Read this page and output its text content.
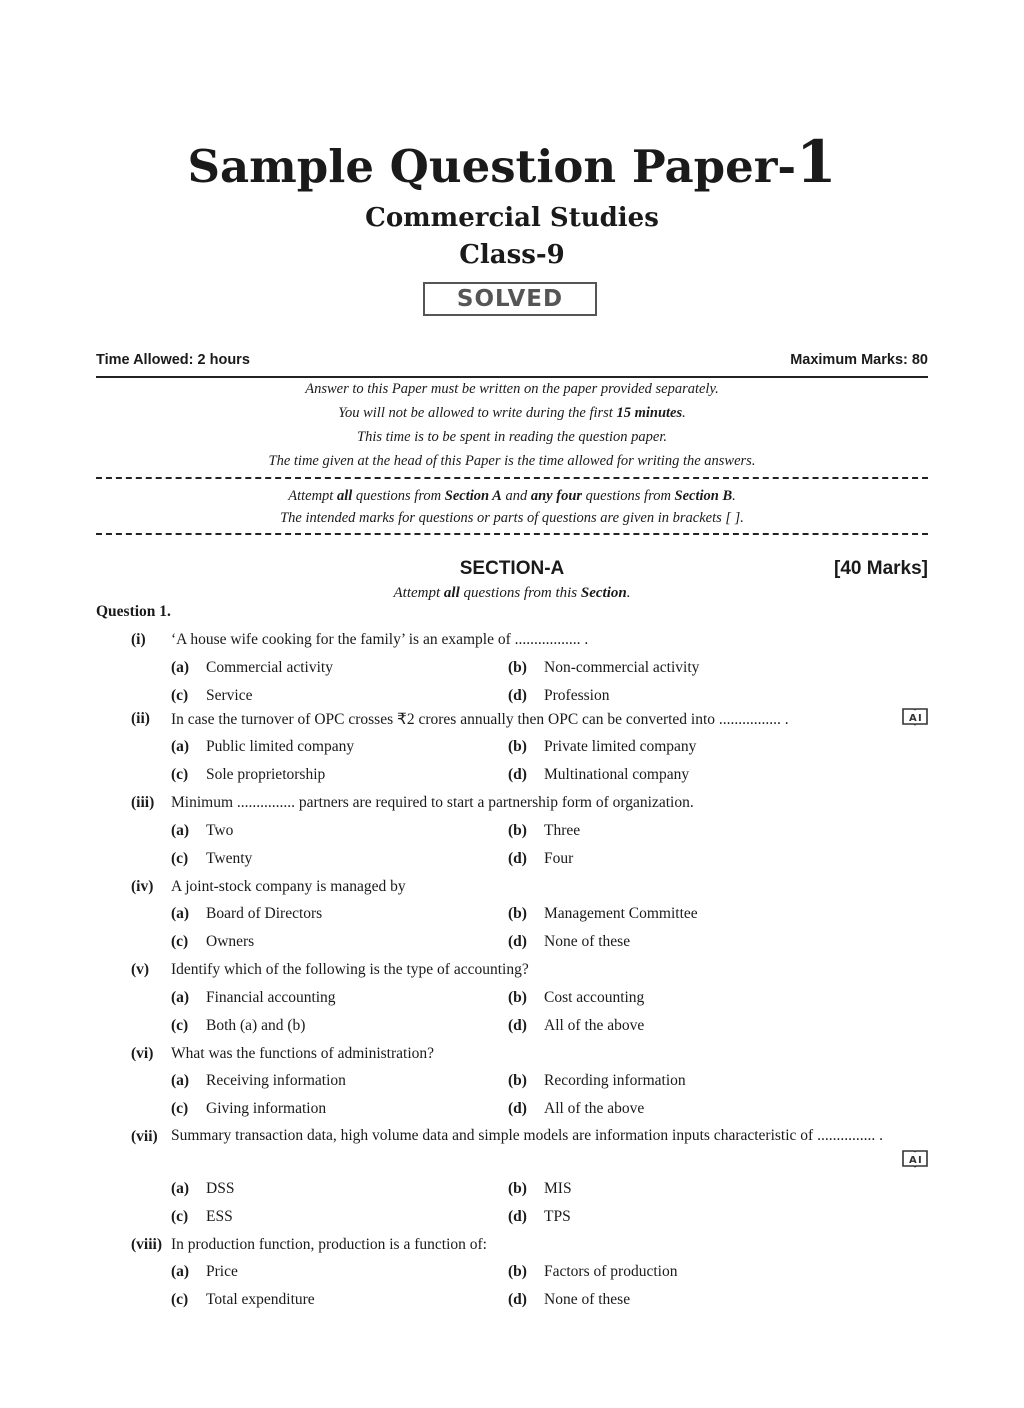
Sample Question Paper-1
Commercial Studies
Class-9
SOLVED
Time Allowed: 2 hours	Maximum Marks: 80
Answer to this Paper must be written on the paper provided separately.
You will not be allowed to write during the first 15 minutes.
This time is to be spent in reading the question paper.
The time given at the head of this Paper is the time allowed for writing the answers.
Attempt all questions from Section A and any four questions from Section B.
The intended marks for questions or parts of questions are given in brackets [ ].
SECTION-A	[40 Marks]
Attempt all questions from this Section.
Question 1.
(i) ‘A house wife cooking for the family’ is an example of ................. .
(a) Commercial activity	(b) Non-commercial activity
(c) Service	(d) Profession
(ii) In case the turnover of OPC crosses ₹2 crores annually then OPC can be converted into ................ .
(a) Public limited company	(b) Private limited company
(c) Sole proprietorship	(d) Multinational company
(iii) Minimum ............... partners are required to start a partnership form of organization.
(a) Two	(b) Three
(c) Twenty	(d) Four
(iv) A joint-stock company is managed by
(a) Board of Directors	(b) Management Committee
(c) Owners	(d) None of these
(v) Identify which of the following is the type of accounting?
(a) Financial accounting	(b) Cost accounting
(c) Both (a) and (b)	(d) All of the above
(vi) What was the functions of administration?
(a) Receiving information	(b) Recording information
(c) Giving information	(d) All of the above
(vii) Summary transaction data, high volume data and simple models are information inputs characteristic of ............... .
(a) DSS	(b) MIS
(c) ESS	(d) TPS
(viii) In production function, production is a function of:
(a) Price	(b) Factors of production
(c) Total expenditure	(d) None of these
A I
A I
